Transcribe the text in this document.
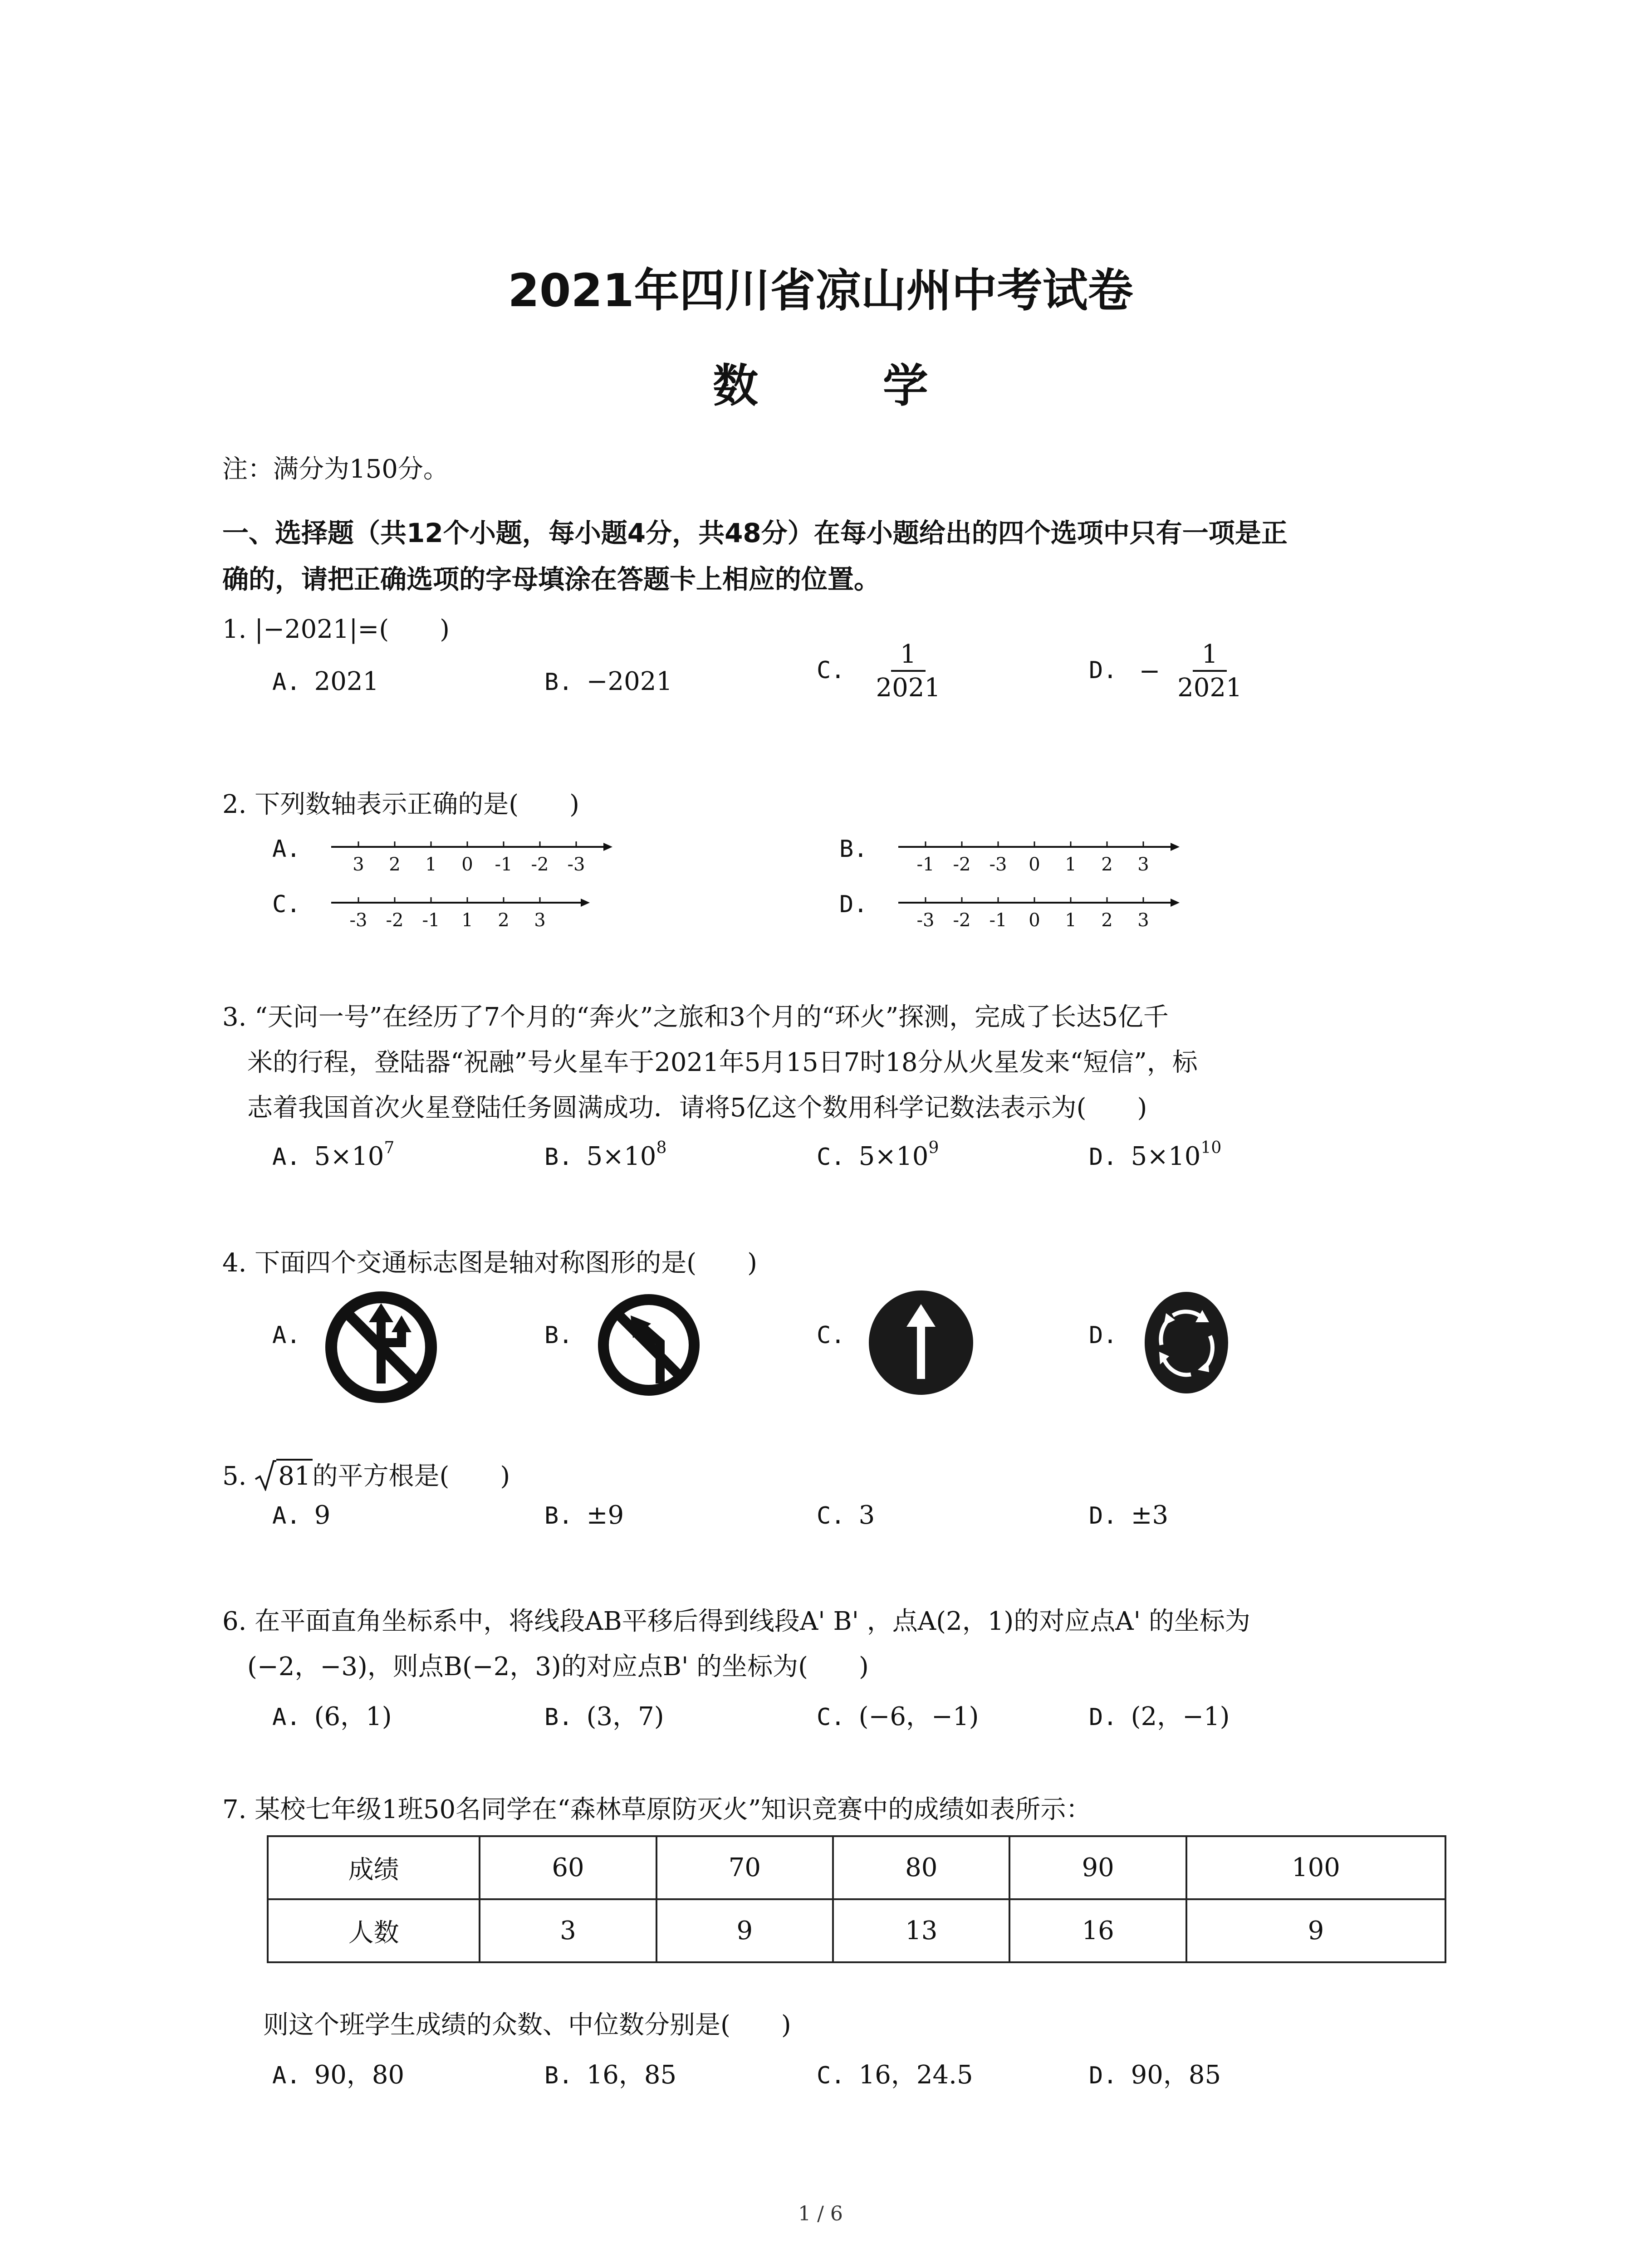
2021年四川省凉山州中考试卷
数 学
注：满分为150分。
一、选择题（共12个小题，每小题4分，共48分）在每小题给出的四个选项中只有一项是正
确的，请把正确选项的字母填涂在答题卡上相应的位置。
1. |−2021|=(　　)
A. 2021	B. −2021	C. $\frac{1}{2021}$	D. − $\frac{1}{2021}$
2. 下列数轴表示正确的是(　　)
A.
3 2 1 0 -1 -2 -3
B.
-1 -2 -3 0 1 2 3
C.
-3 -2 -1 1 2 3
D.
-3 -2 -1 0 1 2 3
3. “天问一号”在经历了7个月的“奔火”之旅和3个月的“环火”探测，完成了长达5亿千
米的行程，登陆器“祝融”号火星车于2021年5月15日7时18分从火星发来“短信”，标
志着我国首次火星登陆任务圆满成功．请将5亿这个数用科学记数法表示为(　　)
A. $5\times 10^7$	B. $5\times 10^8$	C. $5\times 10^9$	D. $5\times 10^{10}$
4. 下面四个交通标志图是轴对称图形的是(　　)
A.	B.	C.	D.
5. 81的平方根是(　　)
A. 9	B. ±9	C. 3	D. ±3
6. 在平面直角坐标系中，将线段AB平移后得到线段A' B' ，点A(2，1)的对应点A' 的坐标为
(−2，−3)，则点B(−2，3)的对应点B' 的坐标为(　　)
A. (6，1)	B. (3，7)	C. (−6，−1)	D. (2，−1)
7. 某校七年级1班50名同学在“森林草原防灭火”知识竞赛中的成绩如表所示：
成绩	60	70	80	90	100
人数	3	9	13	16	9
则这个班学生成绩的众数、中位数分别是(　　)
A. 90，80	B. 16，85	C. 16，24.5	D. 90，85
1 / 6
